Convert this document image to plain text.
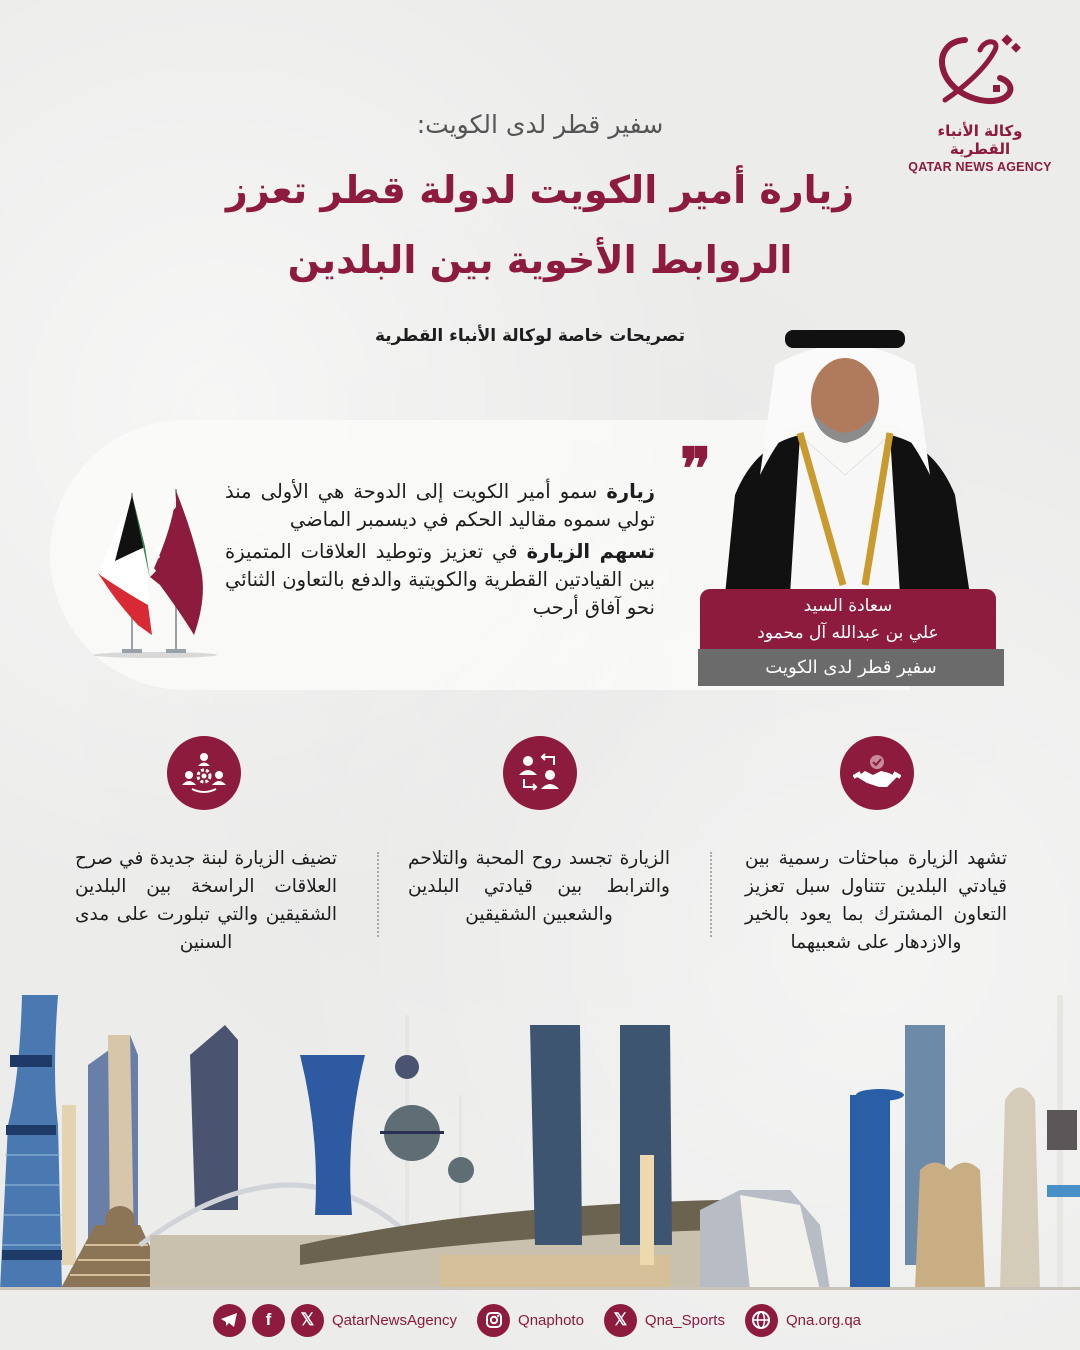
وكالة الأنباء القطرية
QATAR NEWS AGENCY
سفير قطر لدى الكويت:
زيارة أمير الكويت لدولة قطر تعزز
الروابط الأخوية بين البلدين
تصريحات خاصة لوكالة الأنباء القطرية
❞

زيارة سمو أمير الكويت إلى الدوحة هي الأولى منذ تولي سموه مقاليد الحكم في ديسمبر الماضي

تسهم الزيارة في تعزيز وتوطيد العلاقات المتميزة بين القيادتين القطرية والكويتية والدفع بالتعاون الثنائي نحو آفاق أرحب	سعادة السيد
علي بن عبدالله آل محمود
سفير قطر لدى الكويت
تشهد الزيارة مباحثات رسمية بين قيادتي البلدين تتناول سبل تعزيز التعاون المشترك بما يعود بالخير والازدهار على شعبيهما
الزيارة تجسد روح المحبة والتلاحم والترابط بين قيادتي البلدين والشعبين الشقيقين
تضيف الزيارة لبنة جديدة في صرح العلاقات الراسخة بين البلدين الشقيقين والتي تبلورت على مدى السنين
f	𝕏	QatarNewsAgency	Qnaphoto	𝕏	Qna_Sports	Qna.org.qa
